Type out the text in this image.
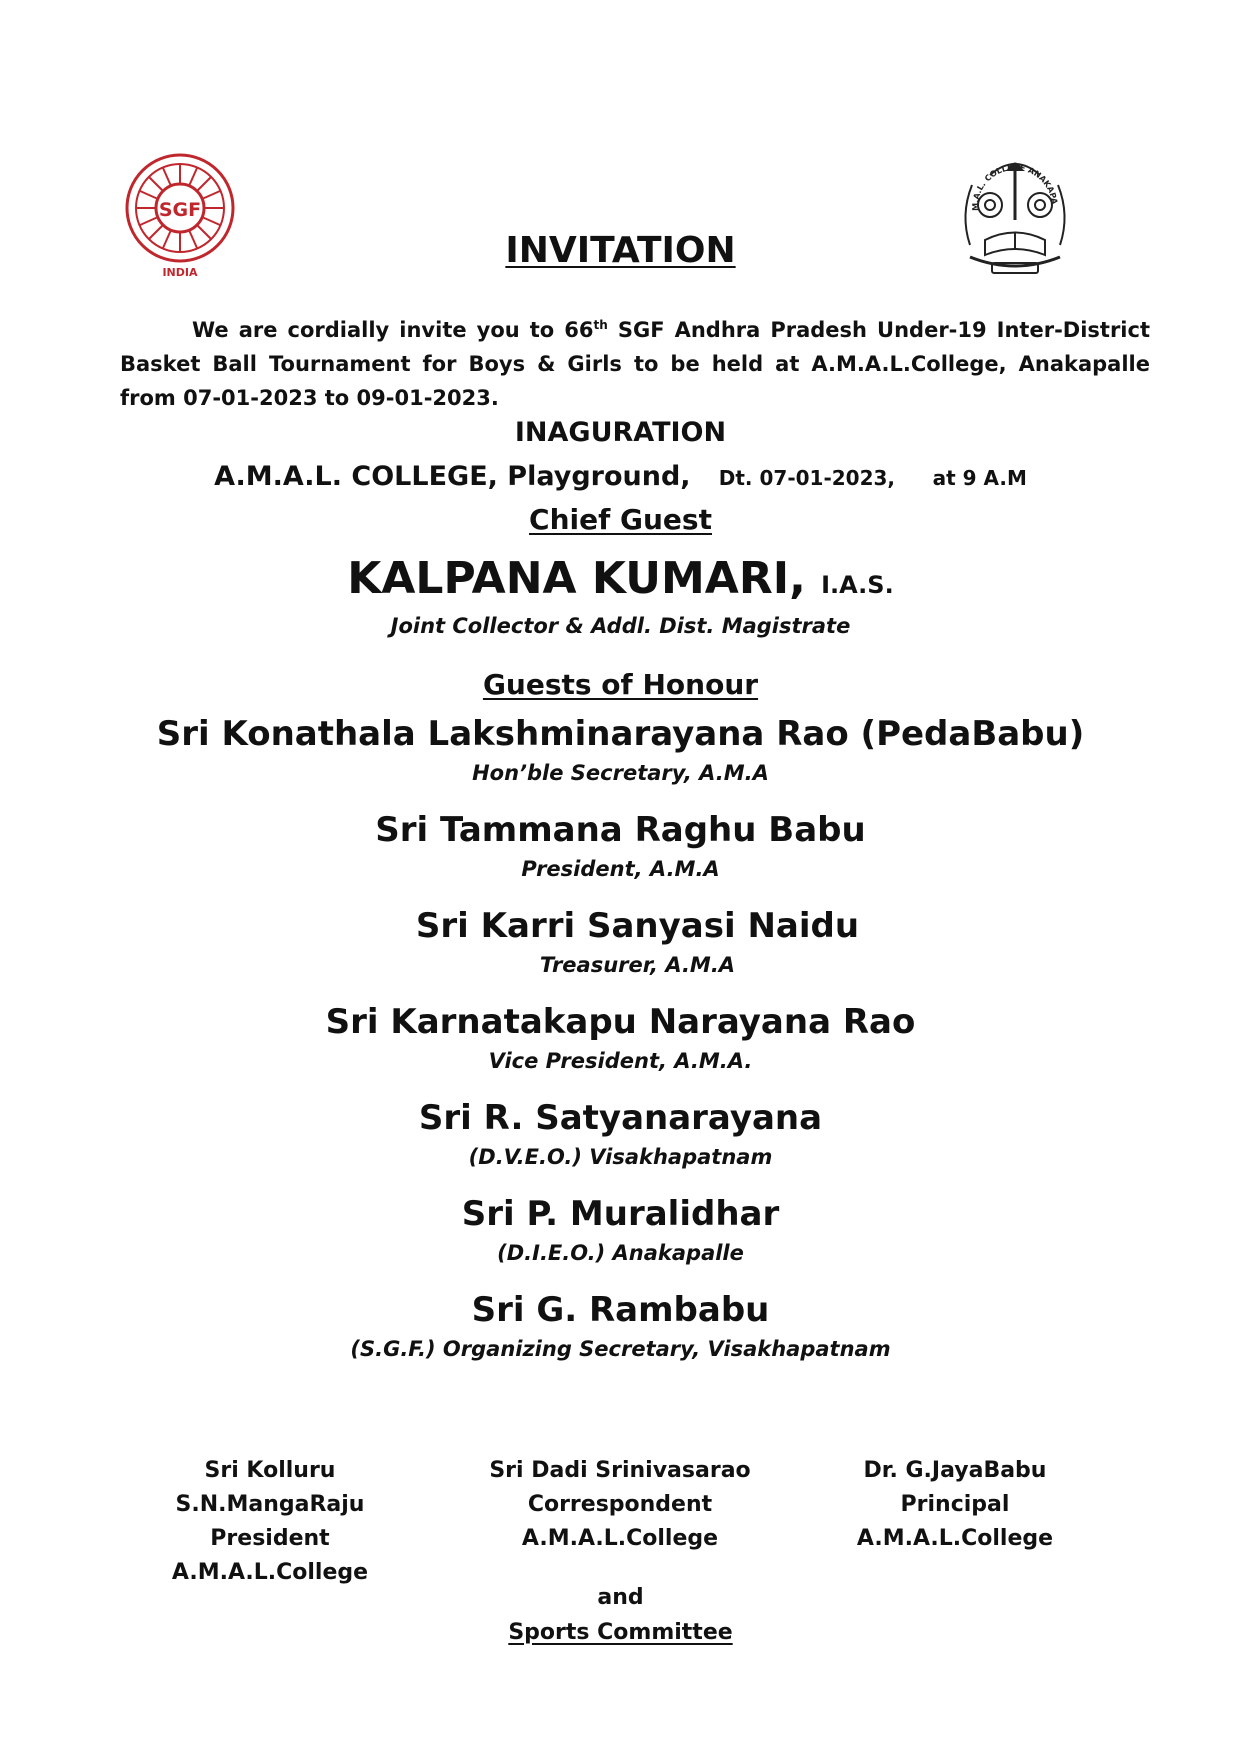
SGF
INDIA
M.A.L. COLLEGE ANAKAPA
INVITATION
We are cordially invite you to 66th SGF Andhra Pradesh Under-19 Inter-District Basket Ball Tournament for Boys & Girls to be held at A.M.A.L.College, Anakapalle from 07-01-2023 to 09-01-2023.
INAGURATION
A.M.A.L. COLLEGE, Playground, Dt. 07-01-2023, at 9 A.M
Chief Guest
KALPANA KUMARI, I.A.S.
Joint Collector & Addl. Dist. Magistrate
Guests of Honour
Sri Konathala Lakshminarayana Rao (PedaBabu)
Hon’ble Secretary, A.M.A
Sri Tammana Raghu Babu
President, A.M.A
Sri Karri Sanyasi Naidu
Treasurer, A.M.A
Sri Karnatakapu Narayana Rao
Vice President, A.M.A.
Sri R. Satyanarayana
(D.V.E.O.) Visakhapatnam
Sri P. Muralidhar
(D.I.E.O.) Anakapalle
Sri G. Rambabu
(S.G.F.) Organizing Secretary, Visakhapatnam
Sri Kolluru S.N.MangaRaju
President
A.M.A.L.College
Sri Dadi Srinivasarao
Correspondent
A.M.A.L.College
Dr. G.JayaBabu
Principal
A.M.A.L.College
and
Sports Committee
